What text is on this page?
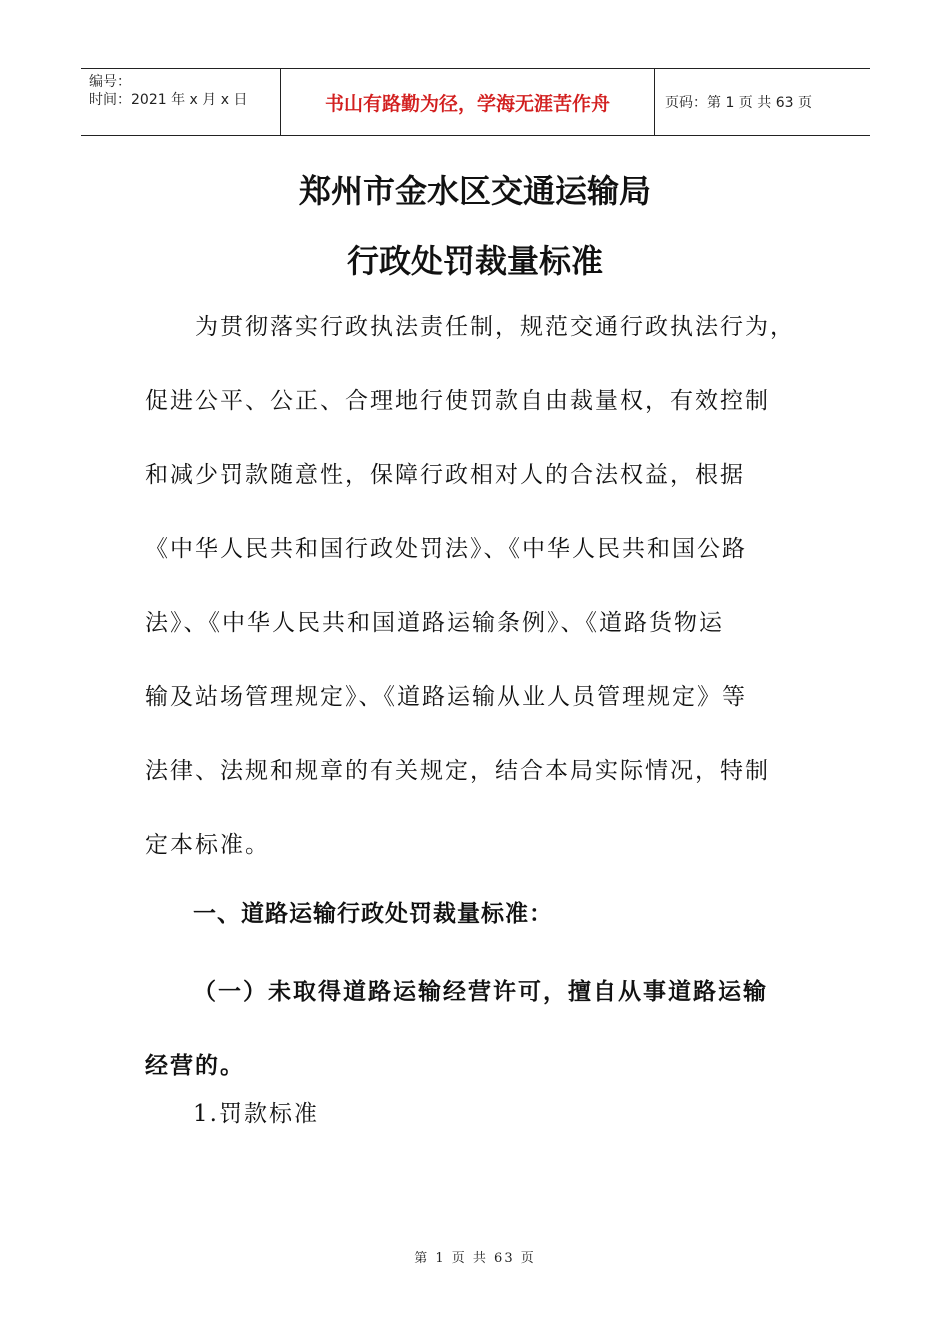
编号：
时间：2021 年 x 月 x 日	书山有路勤为径，学海无涯苦作舟	页码：第 1 页 共 63 页
郑州市金水区交通运输局
行政处罚裁量标准
　　为贯彻落实行政执法责任制，规范交通行政执法行为，
促进公平、公正、合理地行使罚款自由裁量权，有效控制
和减少罚款随意性，保障行政相对人的合法权益，根据
《中华人民共和国行政处罚法》、《中华人民共和国公路
法》、《中华人民共和国道路运输条例》、《道路货物运
输及站场管理规定》、《道路运输从业人员管理规定》等
法律、法规和规章的有关规定，结合本局实际情况，特制
定本标准。
一、道路运输行政处罚裁量标准：
（一）未取得道路运输经营许可，擅自从事道路运输
经营的。
1.罚款标准
第 1 页 共 63 页
